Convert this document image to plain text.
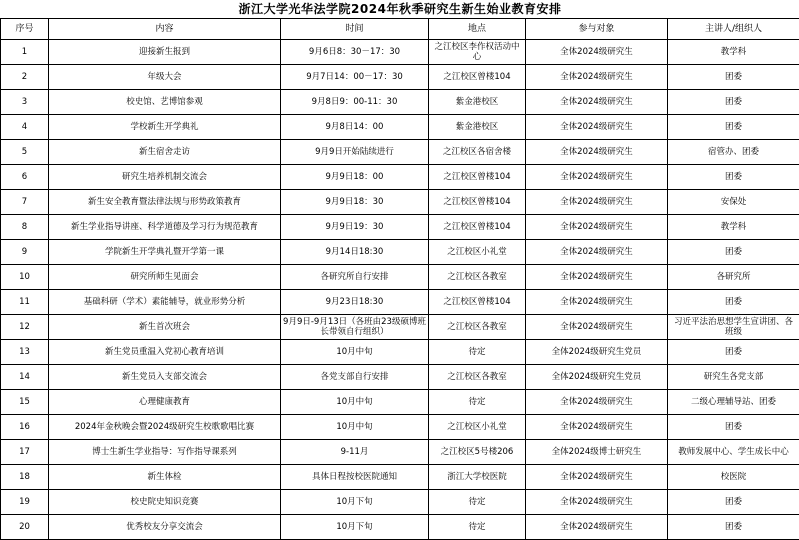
浙江大学光华法学院2024年秋季研究生新生始业教育安排					
序号	内容	时间	地点	参与对象	主讲人/组织人
1	迎接新生报到	9月6日8：30－17：30	之江校区李作权活动中心	全体2024级研究生	教学科
2	年级大会	9月7日14：00－17：30	之江校区曾楼104	全体2024级研究生	团委
3	校史馆、艺博馆参观	9月8日9：00-11：30	紫金港校区	全体2024级研究生	团委
4	学校新生开学典礼	9月8日14：00	紫金港校区	全体2024级研究生	团委
5	新生宿舍走访	9月9日开始陆续进行	之江校区各宿舍楼	全体2024级研究生	宿管办、团委
6	研究生培养机制交流会	9月9日18：00	之江校区曾楼104	全体2024级研究生	团委
7	新生安全教育暨法律法规与形势政策教育	9月9日18：30	之江校区曾楼104	全体2024级研究生	安保处
8	新生学业指导讲座、科学道德及学习行为规范教育	9月9日19：30	之江校区曾楼104	全体2024级研究生	教学科
9	学院新生开学典礼暨开学第一课	9月14日18:30	之江校区小礼堂	全体2024级研究生	团委
10	研究所师生见面会	各研究所自行安排	之江校区各教室	全体2024级研究生	各研究所
11	基础科研（学术）素能辅导，就业形势分析	9月23日18:30	之江校区曾楼104	全体2024级研究生	团委
12	新生首次班会	9月9日-9月13日（各班由23级硕博班长带领自行组织）	之江校区各教室	全体2024级研究生	习近平法治思想学生宣讲团、各班级
13	新生党员重温入党初心教育培训	10月中旬	待定	全体2024级研究生党员	团委
14	新生党员入支部交流会	各党支部自行安排	之江校区各教室	全体2024级研究生党员	研究生各党支部
15	心理健康教育	10月中旬	待定	全体2024级研究生	二级心理辅导站、团委
16	2024年金秋晚会暨2024级研究生校歌歌唱比赛	10月中旬	之江校区小礼堂	全体2024级研究生	团委
17	博士生新生学业指导：写作指导课系列	9-11月	之江校区5号楼206	全体2024级博士研究生	教师发展中心、学生成长中心
18	新生体检	具体日程按校医院通知	浙江大学校医院	全体2024级研究生	校医院
19	校史院史知识竞赛	10月下旬	待定	全体2024级研究生	团委
20	优秀校友分享交流会	10月下旬	待定	全体2024级研究生	团委
